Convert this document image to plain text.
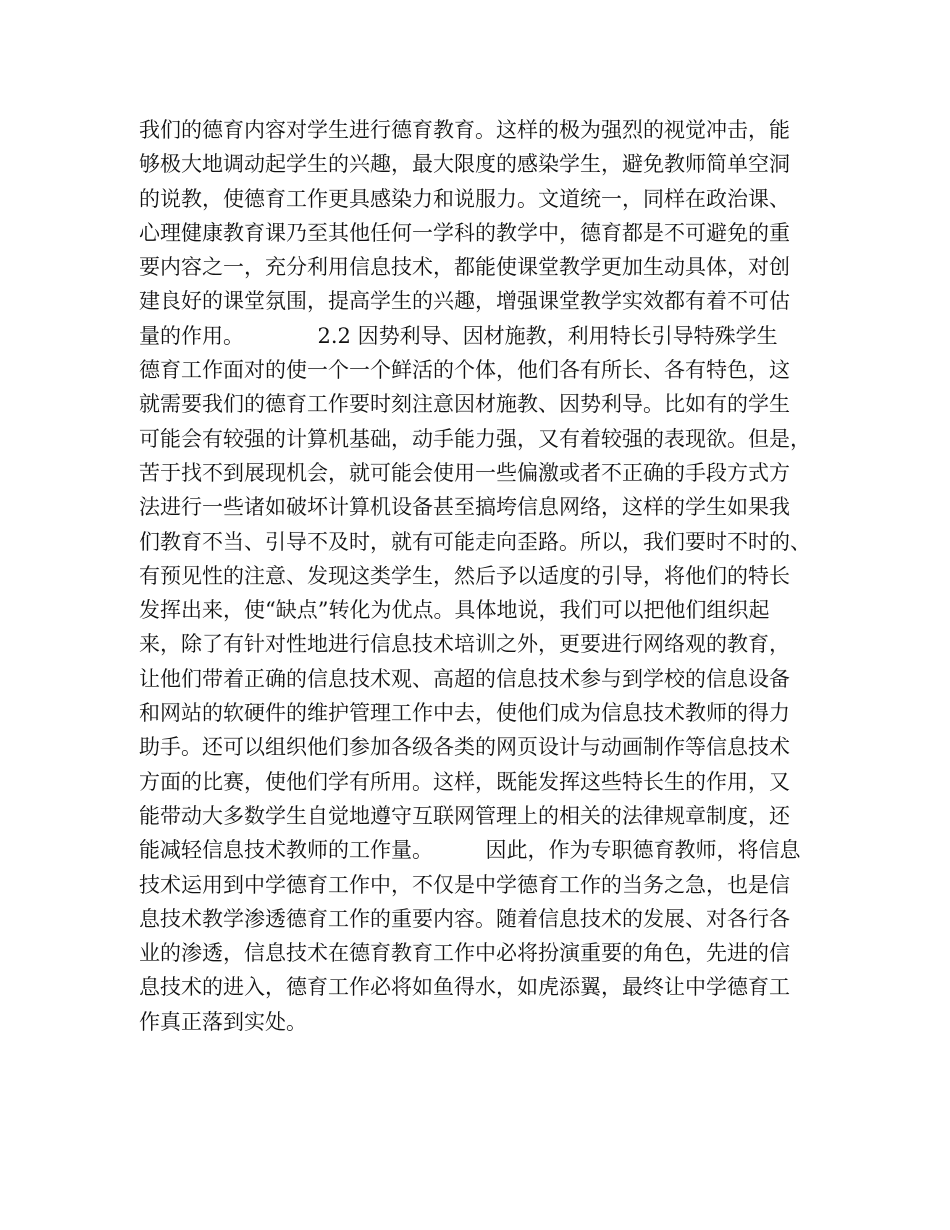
我们的德育内容对学生进行德育教育。这样的极为强烈的视觉冲击，能
够极大地调动起学生的兴趣，最大限度的感染学生，避免教师简单空洞
的说教，使德育工作更具感染力和说服力。文道统一，同样在政治课、
心理健康教育课乃至其他任何一学科的教学中，德育都是不可避免的重
要内容之一，充分利用信息技术，都能使课堂教学更加生动具体，对创
建良好的课堂氛围，提高学生的兴趣，增强课堂教学实效都有着不可估
量的作用。　　　　2.2 因势利导、因材施教，利用特长引导特殊学生
德育工作面对的使一个一个鲜活的个体，他们各有所长、各有特色，这
就需要我们的德育工作要时刻注意因材施教、因势利导。比如有的学生
可能会有较强的计算机基础，动手能力强，又有着较强的表现欲。但是，
苦于找不到展现机会，就可能会使用一些偏激或者不正确的手段方式方
法进行一些诸如破坏计算机设备甚至搞垮信息网络，这样的学生如果我
们教育不当、引导不及时，就有可能走向歪路。所以，我们要时不时的、
有预见性的注意、发现这类学生，然后予以适度的引导，将他们的特长
发挥出来，使“缺点”转化为优点。具体地说，我们可以把他们组织起
来，除了有针对性地进行信息技术培训之外，更要进行网络观的教育，
让他们带着正确的信息技术观、高超的信息技术参与到学校的信息设备
和网站的软硬件的维护管理工作中去，使他们成为信息技术教师的得力
助手。还可以组织他们参加各级各类的网页设计与动画制作等信息技术
方面的比赛，使他们学有所用。这样，既能发挥这些特长生的作用，又
能带动大多数学生自觉地遵守互联网管理上的相关的法律规章制度，还
能减轻信息技术教师的工作量。　　　因此，作为专职德育教师，将信息
技术运用到中学德育工作中，不仅是中学德育工作的当务之急，也是信
息技术教学渗透德育工作的重要内容。随着信息技术的发展、对各行各
业的渗透，信息技术在德育教育工作中必将扮演重要的角色，先进的信
息技术的进入，德育工作必将如鱼得水，如虎添翼，最终让中学德育工
作真正落到实处。
